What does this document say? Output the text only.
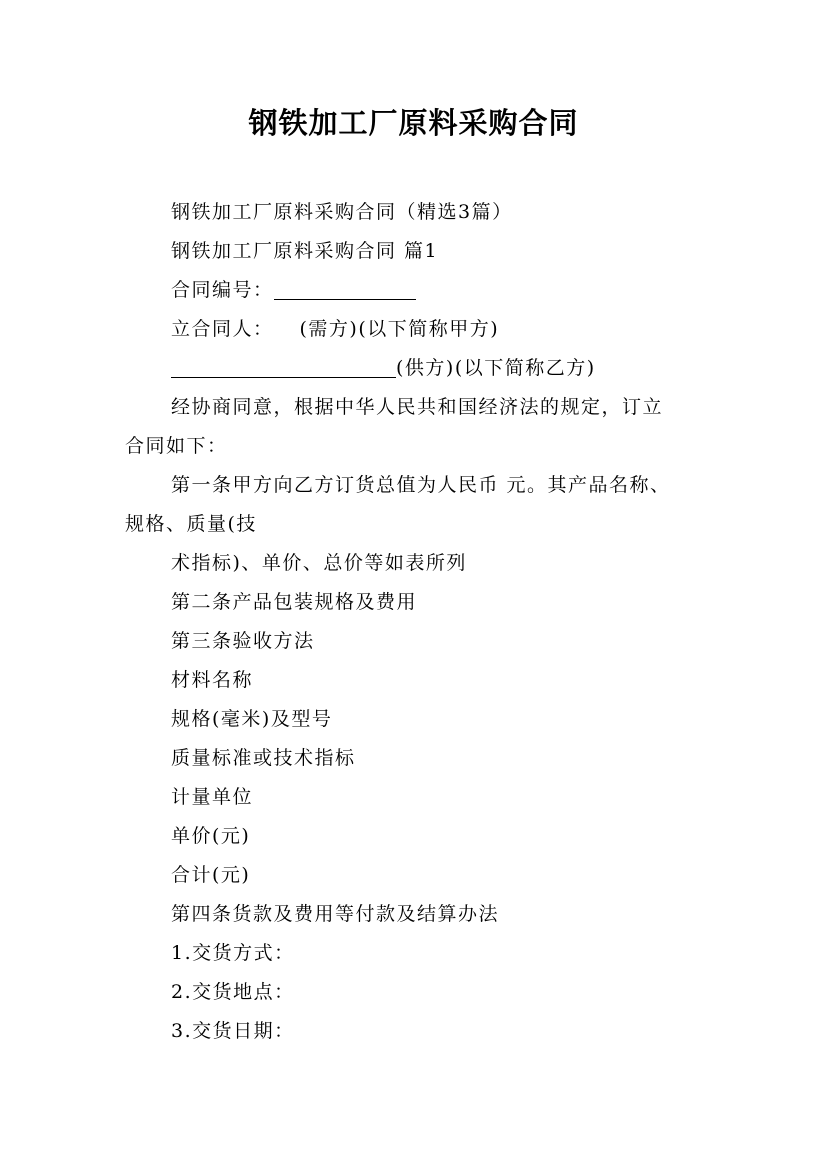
钢铁加工厂原料采购合同
钢铁加工厂原料采购合同（精选3篇）
钢铁加工厂原料采购合同 篇1
合同编号：
立合同人： (需方)(以下简称甲方)
(供方)(以下简称乙方)
经协商同意，根据中华人民共和国经济法的规定，订立
合同如下：
第一条甲方向乙方订货总值为人民币 元。其产品名称、
规格、质量(技
术指标)、单价、总价等如表所列
第二条产品包装规格及费用
第三条验收方法
材料名称
规格(毫米)及型号
质量标准或技术指标
计量单位
单价(元)
合计(元)
第四条货款及费用等付款及结算办法
1.交货方式：
2.交货地点：
3.交货日期：
